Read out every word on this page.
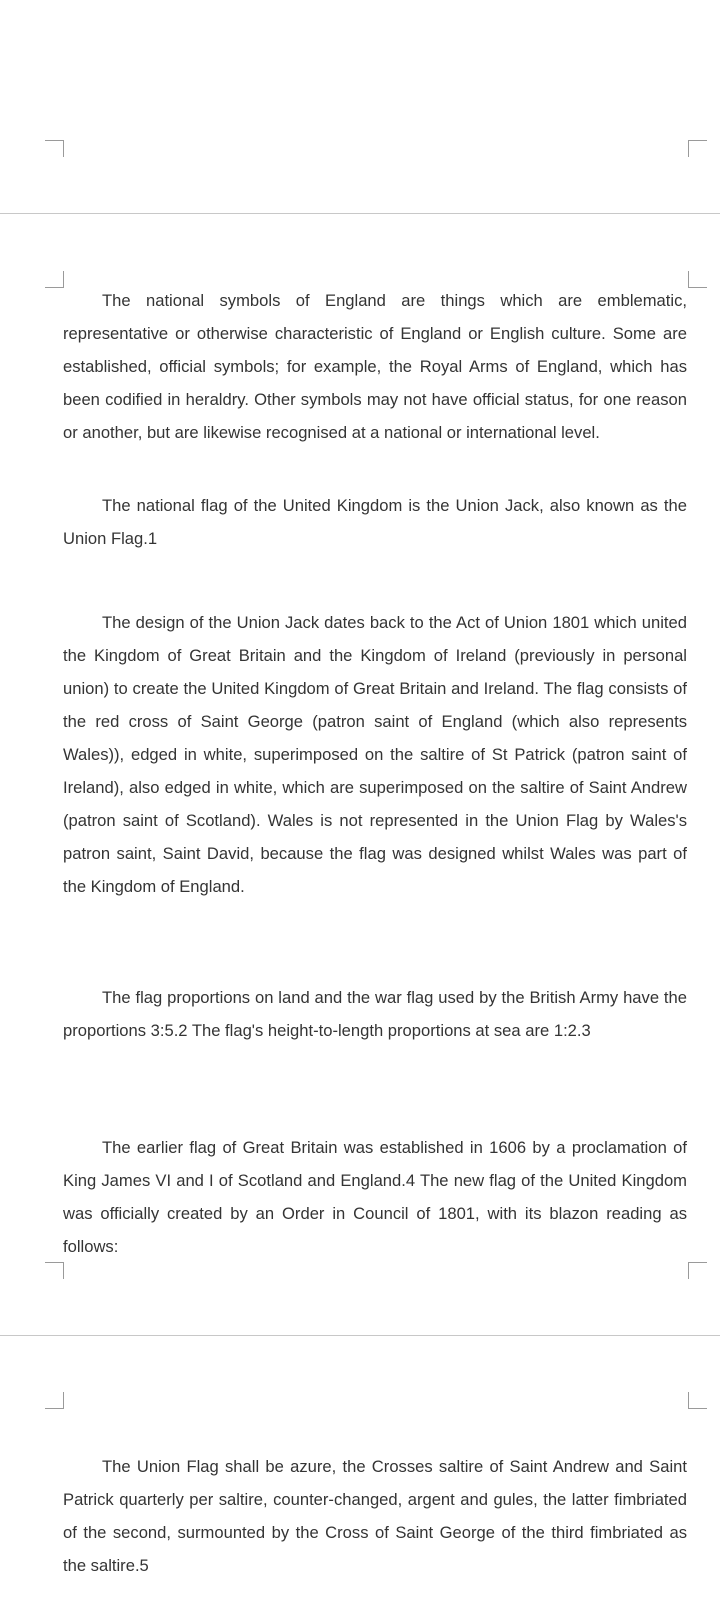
The national symbols of England are things which are emblematic, representative or otherwise characteristic of England or English culture. Some are established, official symbols; for example, the Royal Arms of England, which has been codified in heraldry. Other symbols may not have official status, for one reason or another, but are likewise recognised at a national or international level.

The national flag of the United Kingdom is the Union Jack, also known as the Union Flag.1

The design of the Union Jack dates back to the Act of Union 1801 which united the Kingdom of Great Britain and the Kingdom of Ireland (previously in personal union) to create the United Kingdom of Great Britain and Ireland. The flag consists of the red cross of Saint George (patron saint of England (which also represents Wales)), edged in white, superimposed on the saltire of St Patrick (patron saint of Ireland), also edged in white, which are superimposed on the saltire of Saint Andrew (patron saint of Scotland). Wales is not represented in the Union Flag by Wales's patron saint, Saint David, because the flag was designed whilst Wales was part of the Kingdom of England.

The flag proportions on land and the war flag used by the British Army have the proportions 3:5.2 The flag's height-to-length proportions at sea are 1:2.3

The earlier flag of Great Britain was established in 1606 by a proclamation of King James VI and I of Scotland and England.4 The new flag of the United Kingdom was officially created by an Order in Council of 1801, with its blazon reading as follows:

The Union Flag shall be azure, the Crosses saltire of Saint Andrew and Saint Patrick quarterly per saltire, counter-changed, argent and gules, the latter fimbriated of the second, surmounted by the Cross of Saint George of the third fimbriated as the saltire.5
